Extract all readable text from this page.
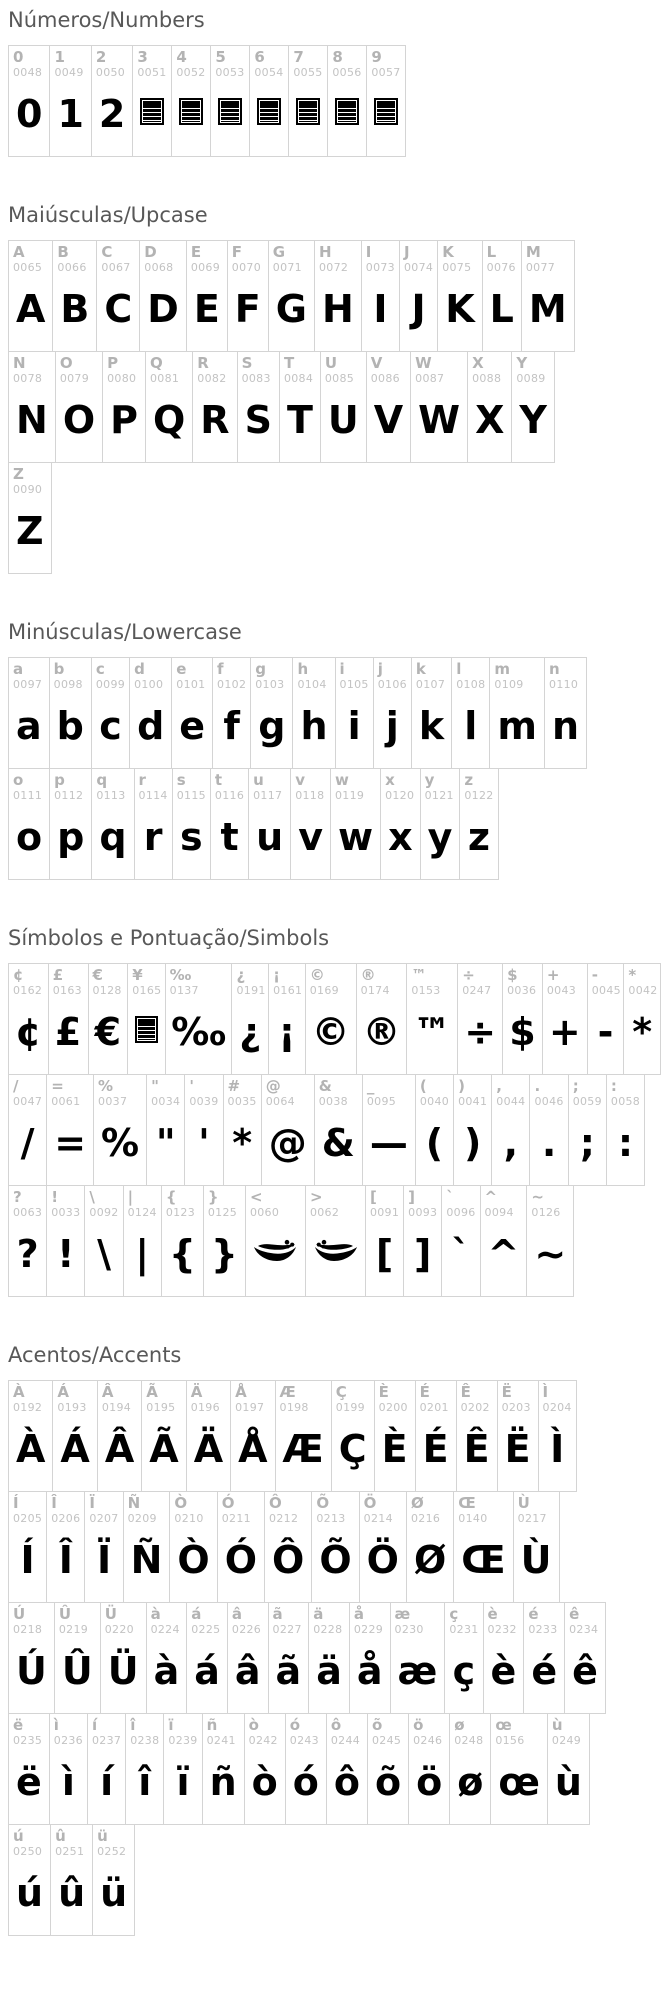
Números/Numbers
0
0048
0
1
0049
1
2
0050
2
3
0051
4
0052
5
0053
6
0054
7
0055
8
0056
9
0057
Maiúsculas/Upcase
A
0065
A
B
0066
B
C
0067
C
D
0068
D
E
0069
E
F
0070
F
G
0071
G
H
0072
H
I
0073
I
J
0074
J
K
0075
K
L
0076
L
M
0077
M
N
0078
N
O
0079
O
P
0080
P
Q
0081
Q
R
0082
R
S
0083
S
T
0084
T
U
0085
U
V
0086
V
W
0087
W
X
0088
X
Y
0089
Y
Z
0090
Z
Minúsculas/Lowercase
a
0097
a
b
0098
b
c
0099
c
d
0100
d
e
0101
e
f
0102
f
g
0103
g
h
0104
h
i
0105
i
j
0106
j
k
0107
k
l
0108
l
m
0109
m
n
0110
n
o
0111
o
p
0112
p
q
0113
q
r
0114
r
s
0115
s
t
0116
t
u
0117
u
v
0118
v
w
0119
w
x
0120
x
y
0121
y
z
0122
z
Símbolos e Pontuação/Simbols
¢
0162
¢
£
0163
£
€
0128
€
¥
0165
‰
0137
‰
¿
0191
¿
¡
0161
¡
©
0169
©
®
0174
®
™
0153
™
÷
0247
÷
$
0036
$
+
0043
+
-
0045
-
*
0042
*
/
0047
/
=
0061
=
%
0037
%
"
0034
"
'
0039
'
#
0035
*
@
0064
@
&
0038
&
_
0095
—
(
0040
(
)
0041
)
,
0044
,
.
0046
.
;
0059
;
:
0058
:
?
0063
?
!
0033
!
\
0092
\
|
0124
|
{
0123
{
}
0125
}
<
0060
>
0062
[
0091
[
]
0093
]
`
0096
`
^
0094
^
~
0126
~
Acentos/Accents
À
0192
À
Á
0193
Á
Â
0194
Â
Ã
0195
Ã
Ä
0196
Ä
Å
0197
Å
Æ
0198
Æ
Ç
0199
Ç
È
0200
È
É
0201
É
Ê
0202
Ê
Ë
0203
Ë
Ì
0204
Ì
Í
0205
Í
Î
0206
Î
Ï
0207
Ï
Ñ
0209
Ñ
Ò
0210
Ò
Ó
0211
Ó
Ô
0212
Ô
Õ
0213
Õ
Ö
0214
Ö
Ø
0216
Ø
Œ
0140
Œ
Ù
0217
Ù
Ú
0218
Ú
Û
0219
Û
Ü
0220
Ü
à
0224
à
á
0225
á
â
0226
â
ã
0227
ã
ä
0228
ä
å
0229
å
æ
0230
æ
ç
0231
ç
è
0232
è
é
0233
é
ê
0234
ê
ë
0235
ë
ì
0236
ì
í
0237
í
î
0238
î
ï
0239
ï
ñ
0241
ñ
ò
0242
ò
ó
0243
ó
ô
0244
ô
õ
0245
õ
ö
0246
ö
ø
0248
ø
œ
0156
œ
ù
0249
ù
ú
0250
ú
û
0251
û
ü
0252
ü
